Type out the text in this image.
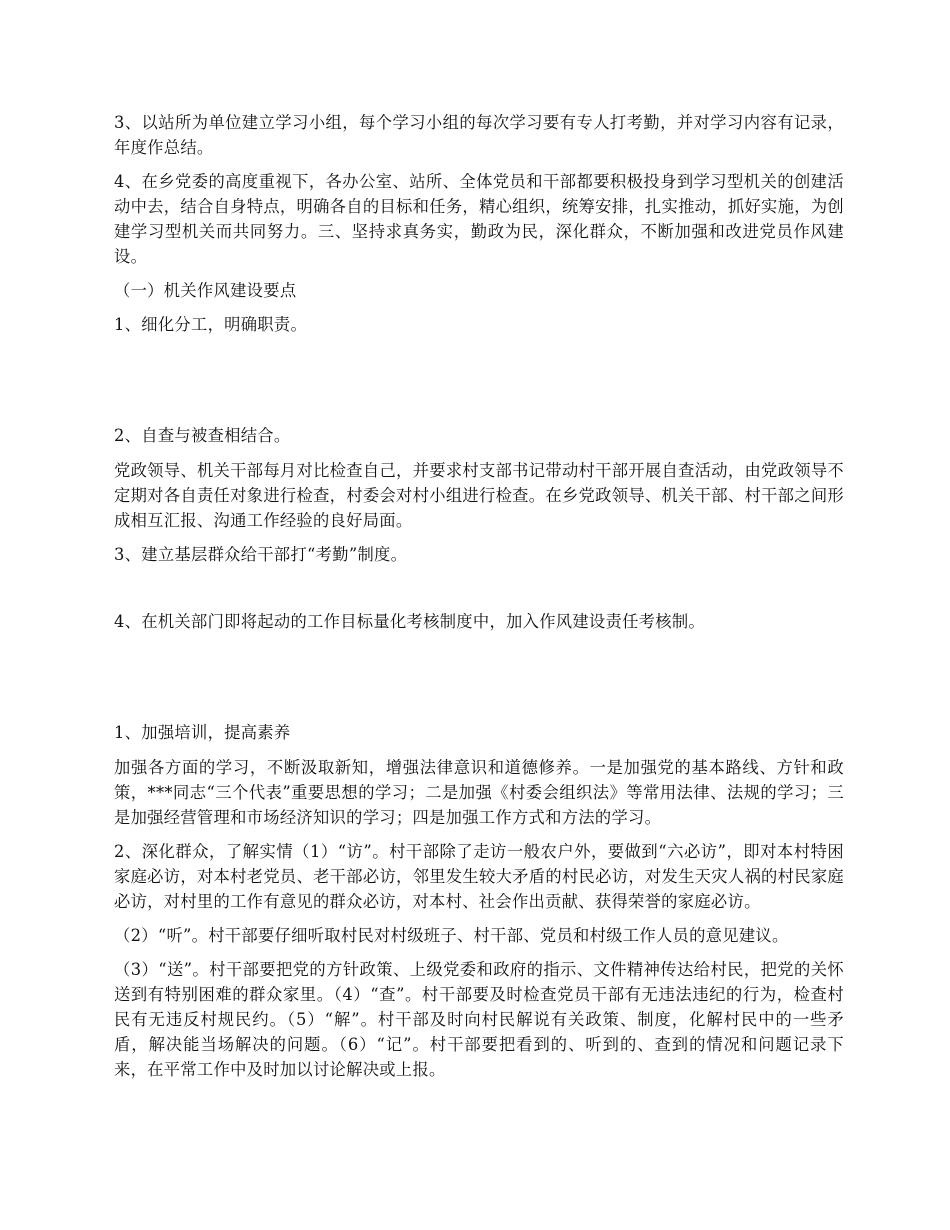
3、以站所为单位建立学习小组，每个学习小组的每次学习要有专人打考勤，并对学习内容有记录，年度作总结。

4、在乡党委的高度重视下，各办公室、站所、全体党员和干部都要积极投身到学习型机关的创建活动中去，结合自身特点，明确各自的目标和任务，精心组织，统筹安排，扎实推动，抓好实施，为创建学习型机关而共同努力。三、坚持求真务实，勤政为民，深化群众，不断加强和改进党员作风建设。

（一）机关作风建设要点

1、细化分工，明确职责。

2、自查与被查相结合。

党政领导、机关干部每月对比检查自己，并要求村支部书记带动村干部开展自查活动，由党政领导不定期对各自责任对象进行检查，村委会对村小组进行检查。在乡党政领导、机关干部、村干部之间形成相互汇报、沟通工作经验的良好局面。

3、建立基层群众给干部打“考勤”制度。

4、在机关部门即将起动的工作目标量化考核制度中，加入作风建设责任考核制。

1、加强培训，提高素养

加强各方面的学习，不断汲取新知，增强法律意识和道德修养。一是加强党的基本路线、方针和政策，***同志“三个代表”重要思想的学习；二是加强《村委会组织法》等常用法律、法规的学习；三是加强经营管理和市场经济知识的学习；四是加强工作方式和方法的学习。

2、深化群众，了解实情（1）“访”。村干部除了走访一般农户外，要做到“六必访”，即对本村特困家庭必访，对本村老党员、老干部必访，邻里发生较大矛盾的村民必访，对发生天灾人祸的村民家庭必访，对村里的工作有意见的群众必访，对本村、社会作出贡献、获得荣誉的家庭必访。

（2）“听”。村干部要仔细听取村民对村级班子、村干部、党员和村级工作人员的意见建议。

（3）“送”。村干部要把党的方针政策、上级党委和政府的指示、文件精神传达给村民，把党的关怀送到有特别困难的群众家里。（4）“查”。村干部要及时检查党员干部有无违法违纪的行为，检查村民有无违反村规民约。（5）“解”。村干部及时向村民解说有关政策、制度，化解村民中的一些矛盾，解决能当场解决的问题。（6）“记”。村干部要把看到的、听到的、查到的情况和问题记录下来，在平常工作中及时加以讨论解决或上报。
